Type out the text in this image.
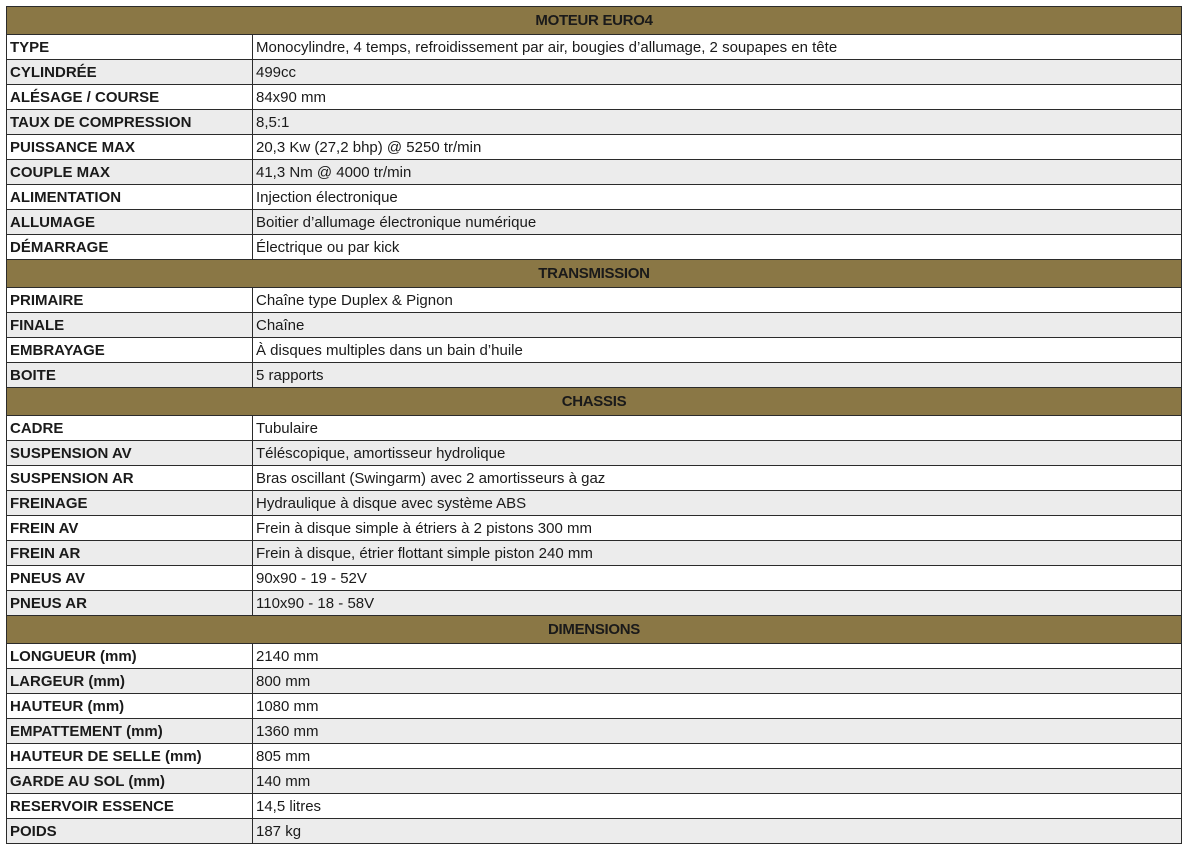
MOTEUR EURO4	
TYPE	Monocylindre, 4 temps, refroidissement par air, bougies d’allumage, 2 soupapes en tête
CYLINDRÉE	499cc
ALÉSAGE / COURSE	84x90 mm
TAUX DE COMPRESSION	8,5:1
PUISSANCE MAX	20,3 Kw (27,2 bhp) @ 5250 tr/min
COUPLE MAX	41,3 Nm @ 4000 tr/min
ALIMENTATION	Injection électronique
ALLUMAGE	Boitier d’allumage électronique numérique
DÉMARRAGE	Électrique ou par kick
TRANSMISSION	
PRIMAIRE	Chaîne type Duplex & Pignon
FINALE	Chaîne
EMBRAYAGE	À disques multiples dans un bain d’huile
BOITE	5 rapports
CHASSIS	
CADRE	Tubulaire
SUSPENSION AV	Téléscopique, amortisseur hydrolique
SUSPENSION AR	Bras oscillant (Swingarm) avec 2 amortisseurs à gaz
FREINAGE	Hydraulique à disque avec système ABS
FREIN AV	Frein à disque simple à étriers à 2 pistons 300 mm
FREIN AR	Frein à disque, étrier flottant simple piston 240 mm
PNEUS AV	90x90 - 19 - 52V
PNEUS AR	110x90 - 18 - 58V
DIMENSIONS	
LONGUEUR (mm)	2140 mm
LARGEUR (mm)	800 mm
HAUTEUR (mm)	1080 mm
EMPATTEMENT (mm)	1360 mm
HAUTEUR DE SELLE (mm)	805 mm
GARDE AU SOL (mm)	140 mm
RESERVOIR ESSENCE	14,5 litres
POIDS	187 kg
